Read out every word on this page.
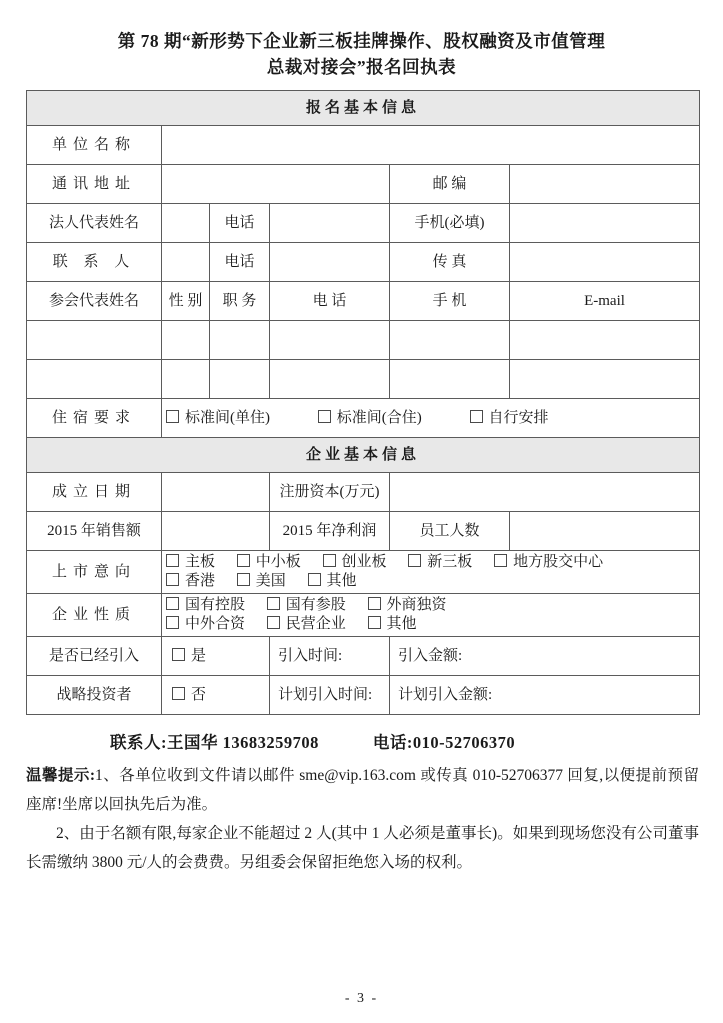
第 78 期“新形势下企业新三板挂牌操作、股权融资及市值管理
总裁对接会”报名回执表
报名基本信息					
单位名称					
通讯地址				邮 编	
法人代表姓名		电话		手机(必填)	
联 系 人		电话		传 真	
参会代表姓名	性 别	职 务	电 话	手 机	E-mail

住宿要求	标准间(单住) 标准间(合住) 自行安排				
企业基本信息					
成立日期			注册资本(万元)		
2015 年销售额			2015 年净利润	员工人数	
上市意向	主板 中小板 创业板 新三板 地方股交中心
香港 美国 其他				

企业性质	国有控股 国有参股 外商独资
中外合资 民营企业 其他				

是否已经引入	是		引入时间:	引入金额:	
战略投资者	否		计划引入时间:	计划引入金额:	
联系人:王国华 13683259708	电话:010-52706370

温馨提示:1、各单位收到文件请以邮件 sme@vip.163.com 或传真 010-52706377 回复,以便提前预留座席!坐席以回执先后为准。

2、由于名额有限,每家企业不能超过 2 人(其中 1 人必须是董事长)。如果到现场您没有公司董事长需缴纳 3800 元/人的会费费。另组委会保留拒绝您入场的权利。

- 3 -
